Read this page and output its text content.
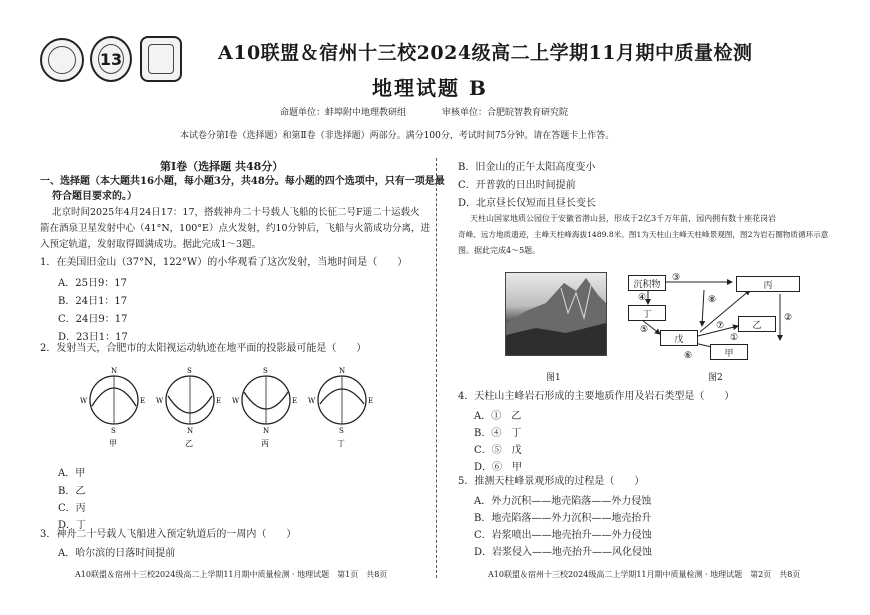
13	A10联盟＆宿州十三校2024级高二上学期11月期中质量检测
地理试题 B
命题单位：蚌埠附中地理教研组　　　　审核单位：合肥皖智教育研究院
本试卷分第Ⅰ卷（选择题）和第Ⅱ卷（非选择题）两部分。满分100分，考试时间75分钟。请在答题卡上作答。
第Ⅰ卷（选择题 共48分）
一、选择题（本大题共16小题，每小题3分，共48分。每小题的四个选项中，只有一项是最
符合题目要求的。）
北京时间2025年4月24日17：17，搭载神舟二十号载人飞船的长征二号F遥二十运载火
箭在酒泉卫星发射中心（41°N，100°E）点火发射，约10分钟后，飞船与火箭成功分离，进
入预定轨道，发射取得圆满成功。据此完成1～3题。
1．在美国旧金山（37°N，122°W）的小华观看了这次发射，当地时间是（　　）
A．25日9：17
B．24日1：17
C．24日9：17
D．23日1：17
2．发射当天，合肥市的太阳视运动轨迹在地平面的投影最可能是（　　）
N
S
W	E
甲
S
N
W	E
乙
S
N
W	E
丙
N
S
W	E
丁
A．甲
B．乙
C．丙
D．丁
3．神舟二十号载人飞船进入预定轨道后的一周内（　　）
A．哈尔滨的日落时间提前
A10联盟＆宿州十三校2024级高二上学期11月期中质量检测 · 地理试题　第1页　共8页
B．旧金山的正午太阳高度变小
C．开普敦的日出时间提前
D．北京昼长仅短而且昼长变长
天柱山国家地质公园位于安徽省潜山县，形成于2亿3千万年前，园内拥有数十座花岗岩
奇峰、远方地质遗迹，主峰天柱峰海拔1489.8米。图1为天柱山主峰天柱峰景观图，图2为岩石圈物质循环示意
图。据此完成4～5题。
图1
③
④
⑤
②
⑦
⑧
①
⑥
沉积物
丁
戊
甲
乙
丙
图2
4．天柱山主峰岩石形成的主要地质作用及岩石类型是（　　）
A．①　乙
B．④　丁
C．⑤　戊
D．⑥　甲
5．推测天柱峰景观形成的过程是（　　）
A．外力沉积——地壳陷落——外力侵蚀
B．地壳陷落——外力沉积——地壳抬升
C．岩浆喷出——地壳抬升——外力侵蚀
D．岩浆侵入——地壳抬升——风化侵蚀
A10联盟＆宿州十三校2024级高二上学期11月期中质量检测 · 地理试题　第2页　共8页
